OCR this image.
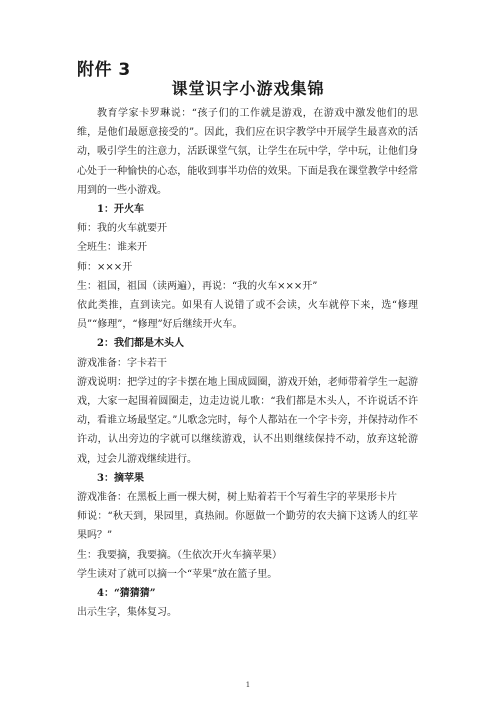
附件 3
课堂识字小游戏集锦

教育学家卡罗琳说：“孩子们的工作就是游戏，在游戏中激发他们的思维，是他们最愿意接受的”。因此，我们应在识字教学中开展学生最喜欢的活动，吸引学生的注意力，活跃课堂气氛，让学生在玩中学，学中玩，让他们身心处于一种愉快的心态，能收到事半功倍的效果。下面是我在课堂教学中经常用到的一些小游戏。

1：开火车

师：我的火车就要开

全班生：谁来开

师：×××开

生：祖国，祖国（读两遍），再说：“我的火车×××开”

依此类推，直到读完。如果有人说错了或不会读，火车就停下来，选“修理员”“修理”，“修理”好后继续开火车。

2：我们都是木头人

游戏准备：字卡若干

游戏说明：把学过的字卡摆在地上围成圆圈，游戏开始，老师带着学生一起游戏，大家一起围着圆圈走，边走边说儿歌：“我们都是木头人，不许说话不许动，看谁立场最坚定。”儿歌念完时，每个人都站在一个字卡旁，并保持动作不许动，认出旁边的字就可以继续游戏，认不出则继续保持不动，放弃这轮游戏，过会儿游戏继续进行。

3：摘苹果

游戏准备：在黑板上画一棵大树，树上贴着若干个写着生字的苹果形卡片

师说：“秋天到，果园里，真热闹。你愿做一个勤劳的农夫摘下这诱人的红苹果吗？”

生：我要摘，我要摘。（生依次开火车摘苹果）

学生读对了就可以摘一个“苹果”放在篮子里。

4：“猜猜猜”

出示生字，集体复习。

1
